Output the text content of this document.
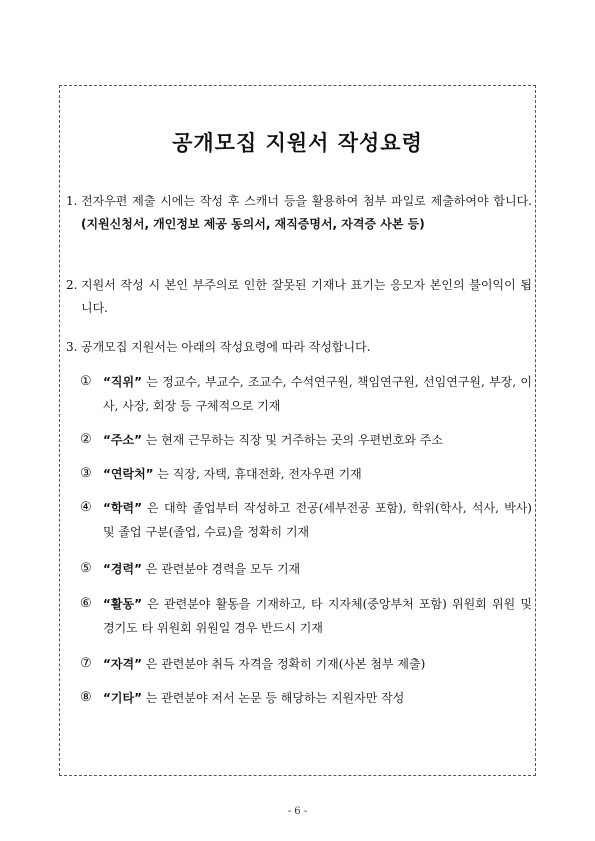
공개모집 지원서 작성요령
1. 전자우편 제출 시에는 작성 후 스캐너 등을 활용하여 첨부 파일로 제출하여야 합니다. (지원신청서, 개인정보 제공 동의서, 재직증명서, 자격증 사본 등)
2. 지원서 작성 시 본인 부주의로 인한 잘못된 기재나 표기는 응모자 본인의 불이익이 됩니다.
3. 공개모집 지원서는 아래의 작성요령에 따라 작성합니다.
① “직위” 는 정교수, 부교수, 조교수, 수석연구원, 책임연구원, 선임연구원, 부장, 이사, 사장, 회장 등 구체적으로 기재
② “주소” 는 현재 근무하는 직장 및 거주하는 곳의 우편번호와 주소
③ “연락처” 는 직장, 자택, 휴대전화, 전자우편 기재
④ “학력” 은 대학 졸업부터 작성하고 전공(세부전공 포함), 학위(학사, 석사, 박사) 및 졸업 구분(졸업, 수료)을 정확히 기재
⑤ “경력” 은 관련분야 경력을 모두 기재
⑥ “활동” 은 관련분야 활동을 기재하고, 타 지자체(중앙부처 포함) 위원회 위원 및 경기도 타 위원회 위원일 경우 반드시 기재
⑦ “자격” 은 관련분야 취득 자격을 정확히 기재(사본 첨부 제출)
⑧ “기타” 는 관련분야 저서 논문 등 해당하는 지원자만 작성
- 6 -
